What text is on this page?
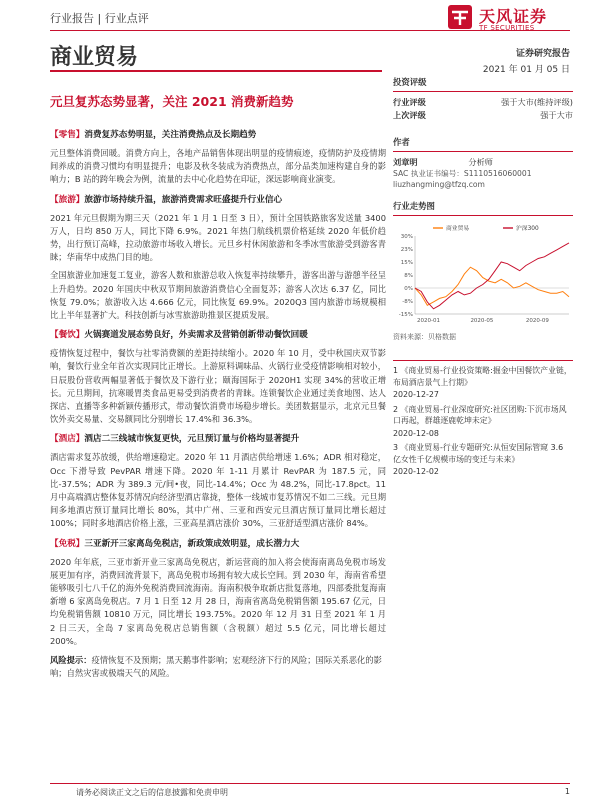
行业报告 | 行业点评	天风证券
TF SECURITIES
商业贸易	证券研究报告
2021 年 01 月 05 日
元旦复苏态势显著，关注 2021 消费新趋势
【零售】消费复苏态势明显，关注消费热点及长期趋势

元旦整体消费回暖。消费方向上，各地产品销售体现出明显的疫情痕迹，疫情防护及疫情期间养成的消费习惯均有明显提升；电影及秋冬装成为消费热点，部分品类加速构建自身的影响力；B 站的跨年晚会为例，流量的去中心化趋势在印证，深远影响商业演变。

【旅游】旅游市场持续升温，旅游消费需求旺盛提升行业信心

2021 年元旦假期为期三天（2021 年 1 月 1 日至 3 日），预计全国铁路旅客发送量 3400 万人，日均 850 万人，同比下降 6.9%。2021 年热门航线机票价格延续 2020 年低价趋势，出行预订高峰，拉动旅游市场收入增长。元旦乡村休闲旅游和冬季冰雪旅游受到游客青睐；华南华中成热门目的地。

全国旅游业加速复工复业，游客人数和旅游总收入恢复率持续攀升，游客出游与游憩半径呈上升趋势。2020 年国庆中秋双节期间旅游消费信心全面复苏；游客人次达 6.37 亿，同比恢复 79.0%；旅游收入达 4.666 亿元，同比恢复 69.9%。2020Q3 国内旅游市场规模相比上半年显著扩大。科技创新与冰雪旅游助推景区提质发展。

【餐饮】火锅赛道发展态势良好，外卖需求及营销创新带动餐饮回暖

疫情恢复过程中，餐饮与社零消费额的差距持续缩小。2020 年 10 月，受中秋国庆双节影响，餐饮行业全年首次实现同比正增长。上游原料调味品、火锅行业受疫情影响相对较小，日辰股份营收两幅显著低于餐饮及下游行业；颐海国际于 2020H1 实现 34%的营收正增长。元旦期间，抗寒暖胃类食品更易受到消费者的青睐。连锁餐饮企业通过美食地图、达人探店、直播等多种新颖传播形式，带动餐饮消费市场稳步增长。美团数据显示，北京元旦餐饮外卖交易量、交易额同比分别增长 17.4%和 36.3%。

【酒店】酒店二三线城市恢复更快，元旦预订量与价格均显著提升

酒店需求复苏放缓，供给增速稳定。2020 年 11 月酒店供给增速 1.6%；ADR 相对稳定，Occ 下滑导致 PevPAR 增速下降。2020 年 1-11 月累计 RevPAR 为 187.5 元，同比-37.5%；ADR 为 389.3 元/间•夜，同比-14.4%；Occ 为 48.2%，同比-17.8pct。11 月中高端酒店整体复苏情况向经济型酒店靠拢，整体一线城市复苏情况不如二三线。元旦期间多地酒店预订量同比增长 80%，其中广州、三亚和西安元旦酒店预订量同比增长超过 100%；同时多地酒店价格上涨，三亚高星酒店涨价 30%，三亚舒适型酒店涨价 84%。

【免税】三亚新开三家离岛免税店，新政策成效明显，成长潜力大

2020 年年底，三亚市新开业三家离岛免税店，新运营商的加入将会使海南离岛免税市场发展更加有序，消费回流背景下，离岛免税市场拥有较大成长空间。到 2030 年，海南省希望能够吸引七八千亿的海外免税消费回流海南。海南积极争取新店批复落地，四部委批复海南新增 6 家离岛免税店。7 月 1 日至 12 月 28 日，海南省离岛免税销售额 195.67 亿元，日均免税销售额 10810 万元，同比增长 193.75%。2020 年 12 月 31 日至 2021 年 1 月 2 日三天，全岛 7 家离岛免税店总销售额（含税额）超过 5.5 亿元，同比增长超过 200%。

风险提示：疫情恢复不及预期；黑天鹅事件影响；宏观经济下行的风险；国际关系恶化的影响；自然灾害或极端天气的风险。

投资评级
行业评级	强于大市(维持评级)
上次评级	强于大市
作者
刘章明	分析师
SAC 执业证书编号：S1110516060001
liuzhangming@tfzq.com
行业走势图
-15%
-8%
0%
8%
15%
23%
30%
2020-01	2020-05	2020-09
商业贸易	沪深300
资料来源：贝格数据
1 《商业贸易-行业投资策略:掘金中国餐饮产业链，布局酒店景气上行期》
2020-12-27
2 《商业贸易-行业深度研究:社区团购:下沉市场风口再起，群雄逐鹿乾坤未定》
2020-12-08
3 《商业贸易-行业专题研究:从恒安国际管窥 3.6 亿女性千亿规模市场的变迁与未来》
2020-12-02
请务必阅读正文之后的信息披露和免责申明	1
